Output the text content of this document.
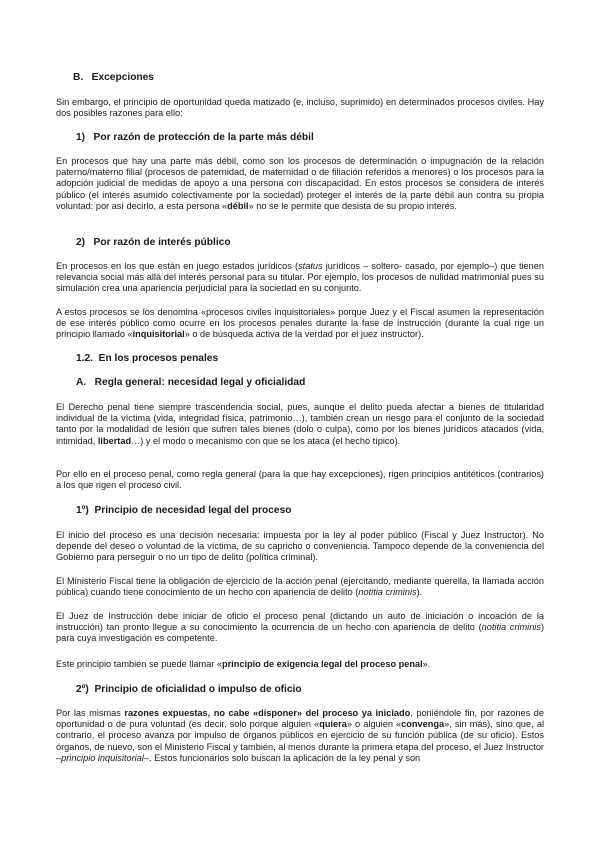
B.   Excepciones
Sin embargo, el principio de oportunidad queda matizado (e, incluso, suprimido) en determinados procesos civiles. Hay dos posibles razones para ello:
1)   Por razón de protección de la parte más débil
En procesos que hay una parte más débil, como son los procesos de determinación o impugnación de la relación paterno/materno filial (procesos de paternidad, de maternidad o de filiación referidos a menores) o los procesos para la adopción judicial de medidas de apoyo a una persona con discapacidad. En estos procesos se considera de interés público (el interés asumido colectivamente por la sociedad) proteger el interés de la parte débil aun contra su propia voluntad: por así decirlo, a esta persona «débil» no se le permite que desista de su propio interés.
2)   Por razón de interés público
En procesos en los que están en juego estados jurídicos (status jurídicos – soltero- casado, por ejemplo–) que tienen relevancia social más allá del interés personal para su titular. Por ejemplo, los procesos de nulidad matrimonial pues su simulación crea una apariencia perjudicial para la sociedad en su conjunto.
A estos procesos se los denomina «procesos civiles inquisitoriales» porque Juez y el Fiscal asumen la representación de ese interés público como ocurre en los procesos penales durante la fase de instrucción (durante la cual rige un principio llamado «inquisitorial» o de búsqueda activa de la verdad por el juez instructor).
1.2.  En los procesos penales
A.   Regla general: necesidad legal y oficialidad
El Derecho penal tiene siempre trascendencia social, pues, aunque el delito pueda afectar a bienes de titularidad individual de la víctima (vida, integridad física, patrimonio…), también crean un riesgo para el conjunto de la sociedad tanto por la modalidad de lesión que sufren tales bienes (dolo o culpa), como por los bienes jurídicos atacados (vida, intimidad, libertad…) y el modo o mecanismo con que se los ataca (el hecho típico).
Por ello en el proceso penal, como regla general (para la que hay excepciones), rigen principios antitéticos (contrarios) a los que rigen el proceso civil.
1º)  Principio de necesidad legal del proceso
El inicio del proceso es una decisión necesaria: impuesta por la ley al poder público (Fiscal y Juez Instructor). No depende del deseo o voluntad de la víctima, de su capricho o conveniencia. Tampoco depende de la conveniencia del Gobierno para perseguir o no un tipo de delito (política criminal).
El Ministerio Fiscal tiene la obligación de ejercicio de la acción penal (ejercitando, mediante querella, la llamada acción pública) cuando tiene conocimiento de un hecho con apariencia de delito (notitia criminis).
El Juez de Instrucción debe iniciar de oficio el proceso penal (dictando un auto de iniciación o incoación de la instrucción) tan pronto llegue a su conocimiento la ocurrencia de un hecho con apariencia de delito (notitia criminis) para cuya investigación es competente.
Este principio también se puede llamar «principio de exigencia legal del proceso penal».
2º)  Principio de oficialidad o impulso de oficio
Por las mismas razones expuestas, no cabe «disponer» del proceso ya iniciado, poniéndole fin, por razones de oportunidad o de pura voluntad (es decir, solo porque alguien «quiera» o alguien «convenga», sin más), sino que, al contrario, el proceso avanza por impulso de órganos públicos en ejercicio de su función pública (de su oficio). Estos órganos, de nuevo, son el Ministerio Fiscal y también, al menos durante la primera etapa del proceso, el Juez Instructor –principio inquisitorial–. Estos funcionarios solo buscan la aplicación de la ley penal y son
